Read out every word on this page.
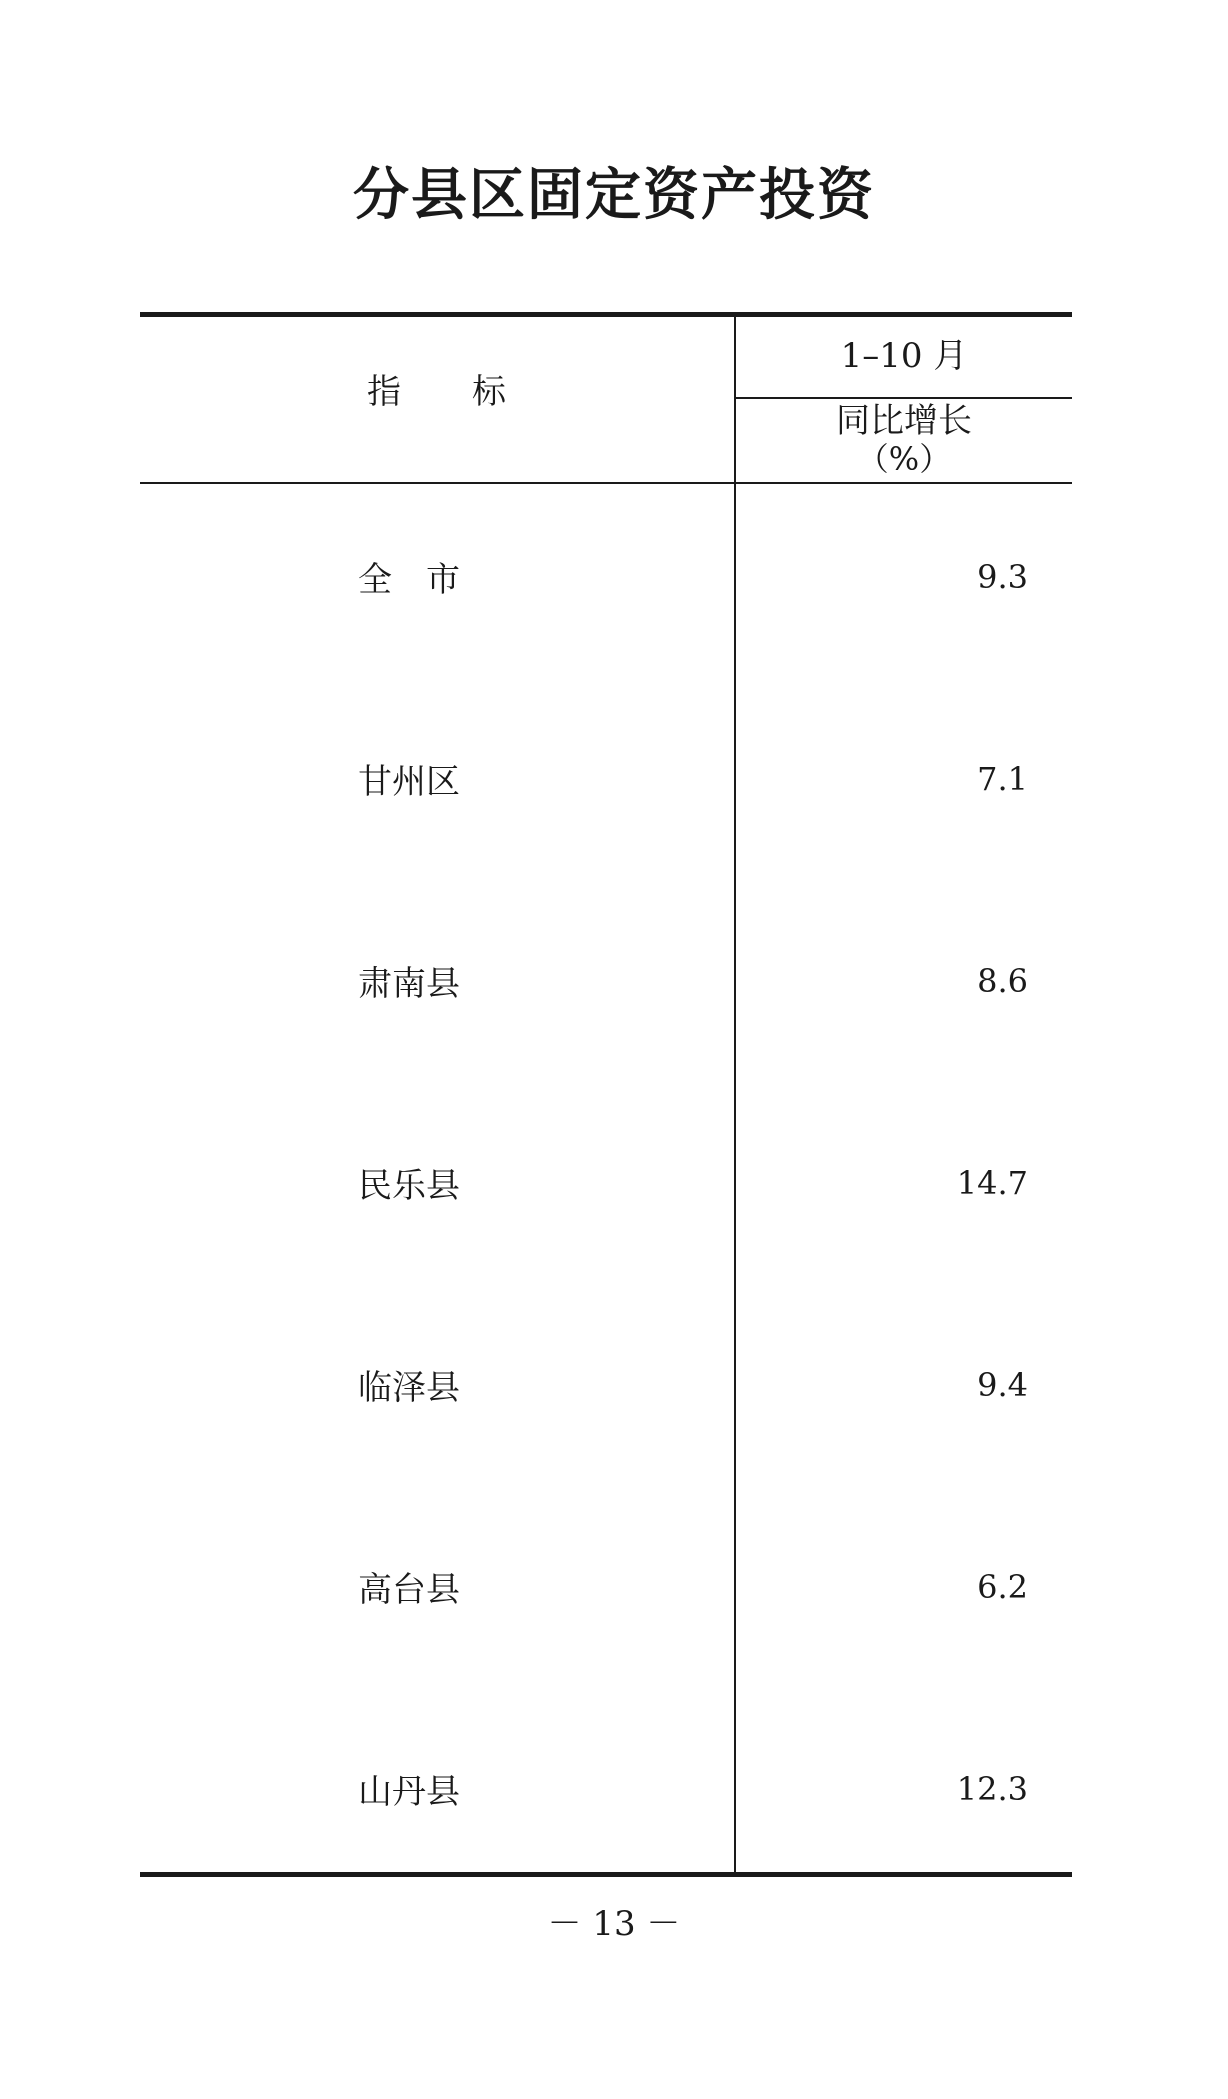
分县区固定资产投资
指　　标
1–10 月
同比增长
（%）
全　市	9.3
甘州区	7.1
肃南县	8.6
民乐县	14.7
临泽县	9.4
高台县	6.2
山丹县	12.3
－ 13 －
